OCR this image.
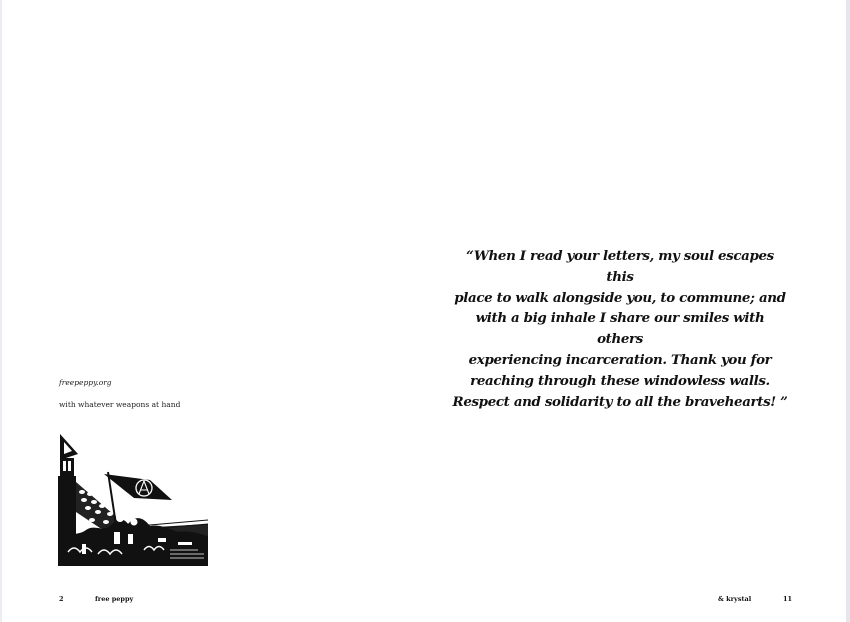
“When I read your letters, my soul escapes this
place to walk alongside you, to commune; and
with a big inhale I share our smiles with others
experiencing incarceration. Thank you for
reaching through these windowless walls.
Respect and solidarity to all the bravehearts! ”
freepeppy.org
with whatever weapons at hand
2	free peppy	& krystal	11
